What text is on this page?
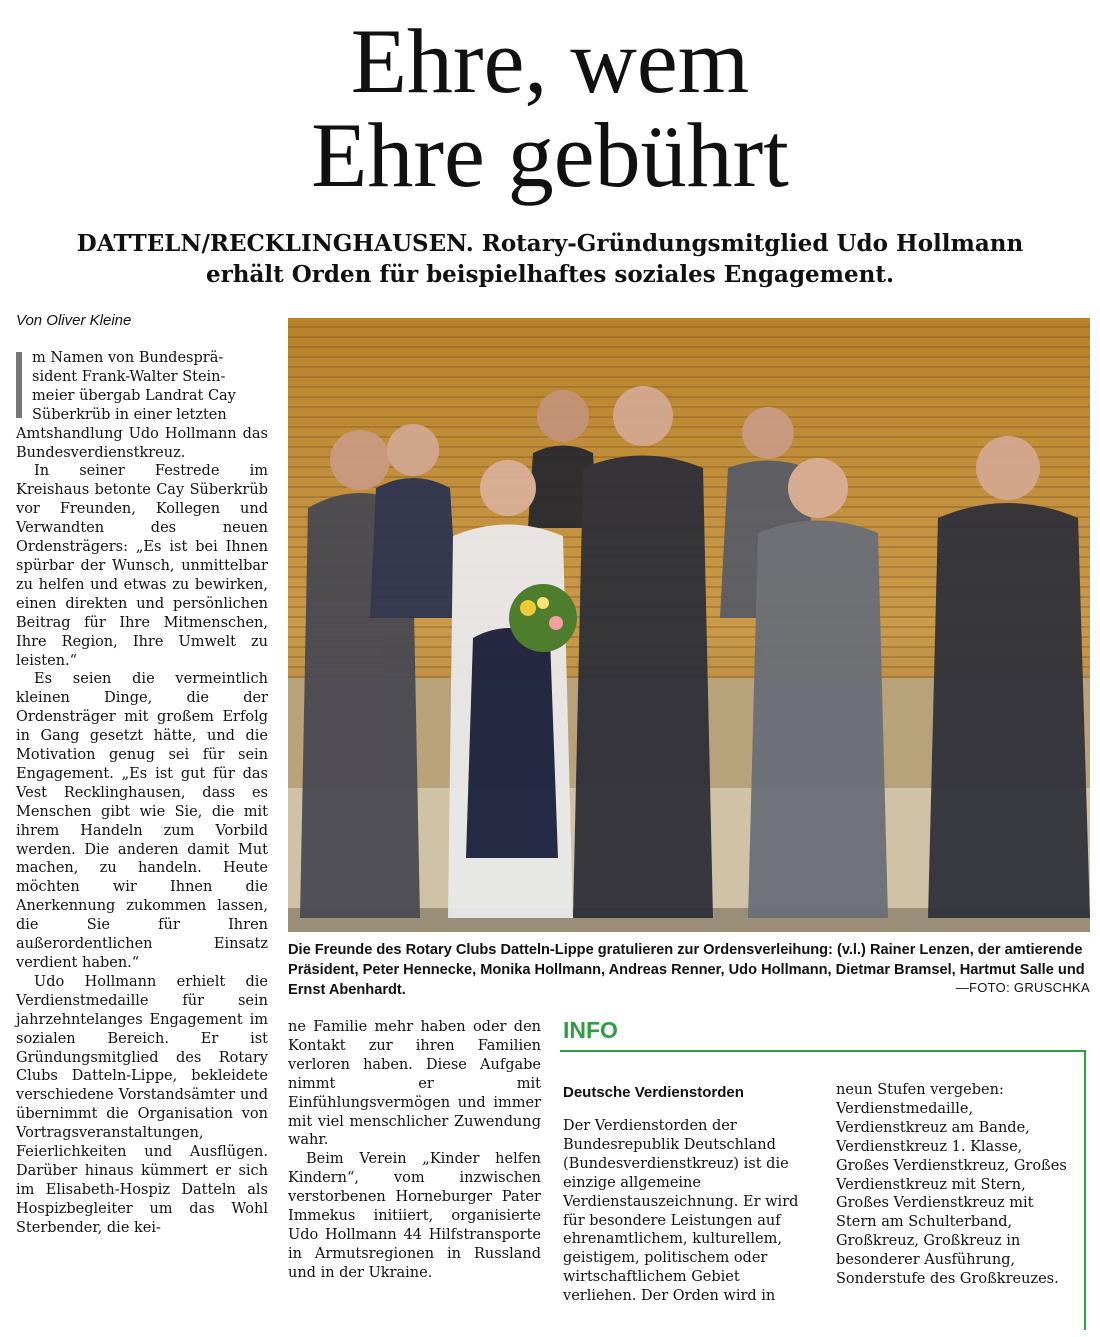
Ehre, wem
Ehre gebührt
DATTELN/RECKLINGHAUSEN. Rotary-Gründungsmitglied Udo Hollmann
erhält Orden für beispielhaftes soziales Engagement.
Von Oliver Kleine

m Namen von Bundesprä-

sident Frank-Walter Stein-

meier übergab Landrat Cay

Süberkrüb in einer letzten

Amtshandlung Udo Hollmann das Bundesverdienstkreuz.

In seiner Festrede im Kreishaus betonte Cay Süberkrüb vor Freunden, Kollegen und Verwandten des neuen Ordensträgers: „Es ist bei Ihnen spürbar der Wunsch, unmittelbar zu helfen und etwas zu bewirken, einen direkten und persönlichen Beitrag für Ihre Mitmenschen, Ihre Region, Ihre Umwelt zu leisten.“

Es seien die vermeintlich kleinen Dinge, die der Ordensträger mit großem Erfolg in Gang gesetzt hätte, und die Motivation genug sei für sein Engagement. „Es ist gut für das Vest Recklinghausen, dass es Menschen gibt wie Sie, die mit ihrem Handeln zum Vorbild werden. Die anderen damit Mut machen, zu handeln. Heute möchten wir Ihnen die Anerkennung zukommen lassen, die Sie für Ihren außerordentlichen Einsatz verdient haben.“

Udo Hollmann erhielt die Verdienstmedaille für sein jahrzehntelanges Engagement im sozialen Bereich. Er ist Gründungsmitglied des Rotary Clubs Datteln-Lippe, bekleidete verschiedene Vorstandsämter und übernimmt die Organisation von Vortragsveranstaltungen, Feierlichkeiten und Ausflügen. Darüber hinaus kümmert er sich im Elisabeth-Hospiz Datteln als Hospizbegleiter um das Wohl Sterbender, die kei-

Die Freunde des Rotary Clubs Datteln-Lippe gratulieren zur Ordensverleihung: (v.l.) Rainer Lenzen, der amtierende Präsident, Peter Hennecke, Monika Hollmann, Andreas Renner, Udo Hollmann, Dietmar Bramsel, Hartmut Salle und Ernst Abenhardt.	—FOTO: GRUSCHKA

ne Familie mehr haben oder den Kontakt zur ihren Familien verloren haben. Diese Aufgabe nimmt er mit Einfühlungsvermögen und immer mit viel menschlicher Zuwendung wahr.

Beim Verein „Kinder helfen Kindern“, vom inzwischen verstorbenen Horneburger Pater Immekus initiiert, organisierte Udo Hollmann 44 Hilfstransporte in Armutsregionen in Russland und in der Ukraine.

INFO
Deutsche Verdienstorden

Der Verdienstorden der Bundesrepublik Deutschland (Bundesverdienstkreuz) ist die einzige allgemeine Verdienstauszeichnung. Er wird für besondere Leistungen auf ehrenamtlichem, kulturellem, geistigem, politischem oder wirtschaftlichem Gebiet verliehen. Der Orden wird in

neun Stufen vergeben: Verdienstmedaille, Verdienstkreuz am Bande, Verdienstkreuz 1. Klasse, Großes Verdienstkreuz, Großes Verdienstkreuz mit Stern, Großes Verdienstkreuz mit Stern am Schulterband, Großkreuz, Großkreuz in besonderer Ausführung, Sonderstufe des Großkreuzes.
